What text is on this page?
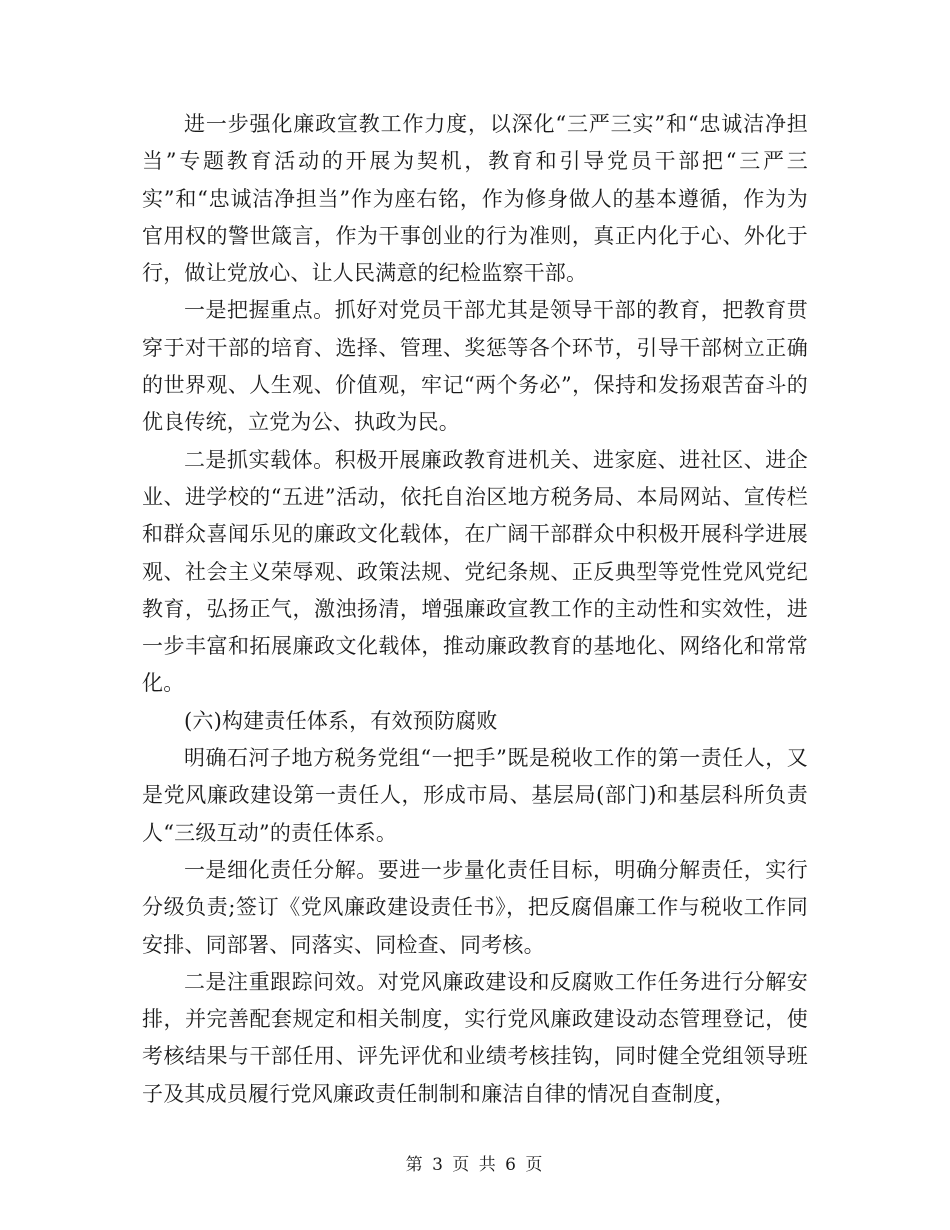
进一步强化廉政宣教工作力度，以深化“三严三实”和“忠诚洁净担当”专题教育活动的开展为契机，教育和引导党员干部把“三严三实”和“忠诚洁净担当”作为座右铭，作为修身做人的基本遵循，作为为官用权的警世箴言，作为干事创业的行为准则，真正内化于心、外化于行，做让党放心、让人民满意的纪检监察干部。

一是把握重点。抓好对党员干部尤其是领导干部的教育，把教育贯穿于对干部的培育、选择、管理、奖惩等各个环节，引导干部树立正确的世界观、人生观、价值观，牢记“两个务必”，保持和发扬艰苦奋斗的优良传统，立党为公、执政为民。

二是抓实载体。积极开展廉政教育进机关、进家庭、进社区、进企业、进学校的“五进”活动，依托自治区地方税务局、本局网站、宣传栏和群众喜闻乐见的廉政文化载体，在广阔干部群众中积极开展科学进展观、社会主义荣辱观、政策法规、党纪条规、正反典型等党性党风党纪教育，弘扬正气，激浊扬清，增强廉政宣教工作的主动性和实效性，进一步丰富和拓展廉政文化载体，推动廉政教育的基地化、网络化和常常化。

(六)构建责任体系，有效预防腐败

明确石河子地方税务党组“一把手”既是税收工作的第一责任人，又是党风廉政建设第一责任人，形成市局、基层局(部门)和基层科所负责人“三级互动”的责任体系。

一是细化责任分解。要进一步量化责任目标，明确分解责任，实行分级负责;签订《党风廉政建设责任书》，把反腐倡廉工作与税收工作同安排、同部署、同落实、同检查、同考核。

二是注重跟踪问效。对党风廉政建设和反腐败工作任务进行分解安排，并完善配套规定和相关制度，实行党风廉政建设动态管理登记，使考核结果与干部任用、评先评优和业绩考核挂钩，同时健全党组领导班子及其成员履行党风廉政责任制制和廉洁自律的情况自查制度，

第 3 页 共 6 页
